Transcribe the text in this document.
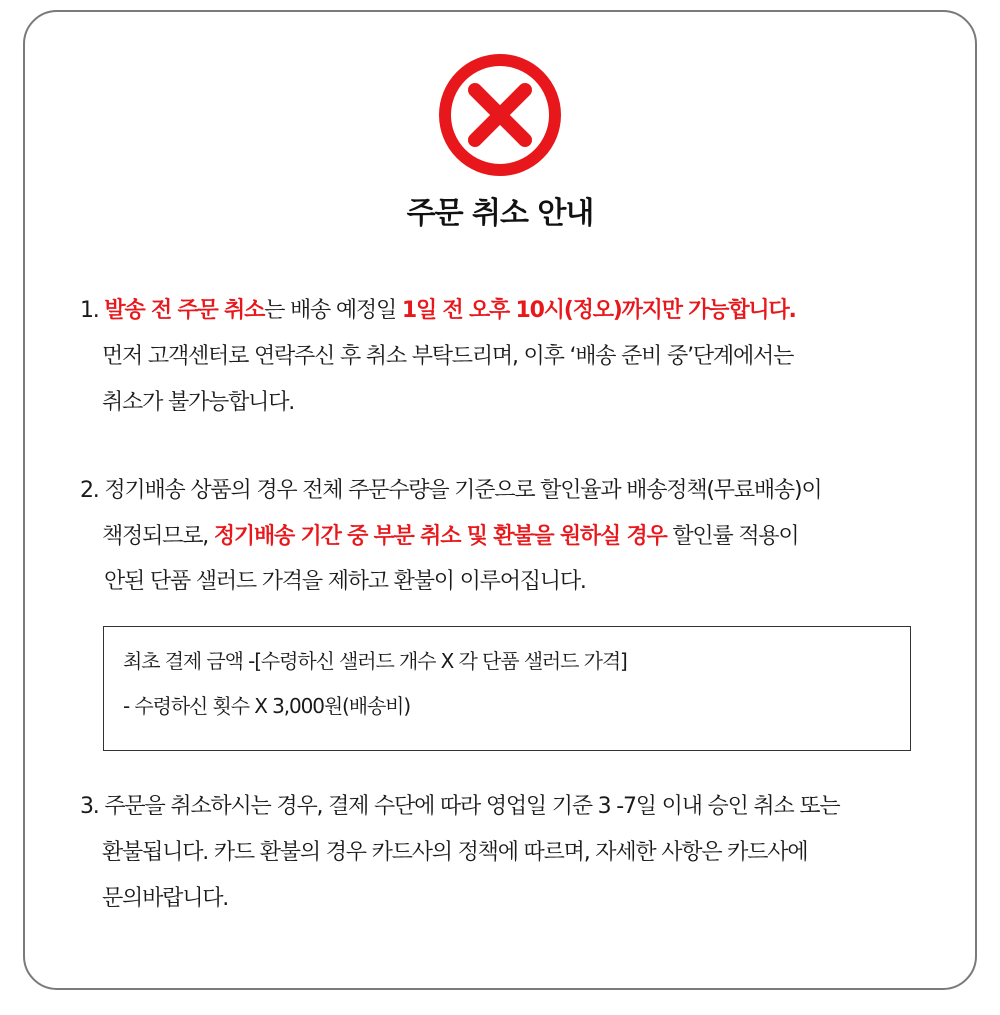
주문 취소 안내
1. 발송 전 주문 취소는 배송 예정일 1일 전 오후 10시(정오)까지만 가능합니다.
먼저 고객센터로 연락주신 후 취소 부탁드리며, 이후 ‘배송 준비 중’단계에서는
취소가 불가능합니다.
2. 정기배송 상품의 경우 전체 주문수량을 기준으로 할인율과 배송정책(무료배송)이
책정되므로, 정기배송 기간 중 부분 취소 및 환불을 원하실 경우 할인률 적용이
안된 단품 샐러드 가격을 제하고 환불이 이루어집니다.
최초 결제 금액 -[수령하신 샐러드 개수 X 각 단품 샐러드 가격]
- 수령하신 횟수 X 3,000원(배송비)
3. 주문을 취소하시는 경우, 결제 수단에 따라 영업일 기준 3 -7일 이내 승인 취소 또는
환불됩니다. 카드 환불의 경우 카드사의 정책에 따르며, 자세한 사항은 카드사에
문의바랍니다.
